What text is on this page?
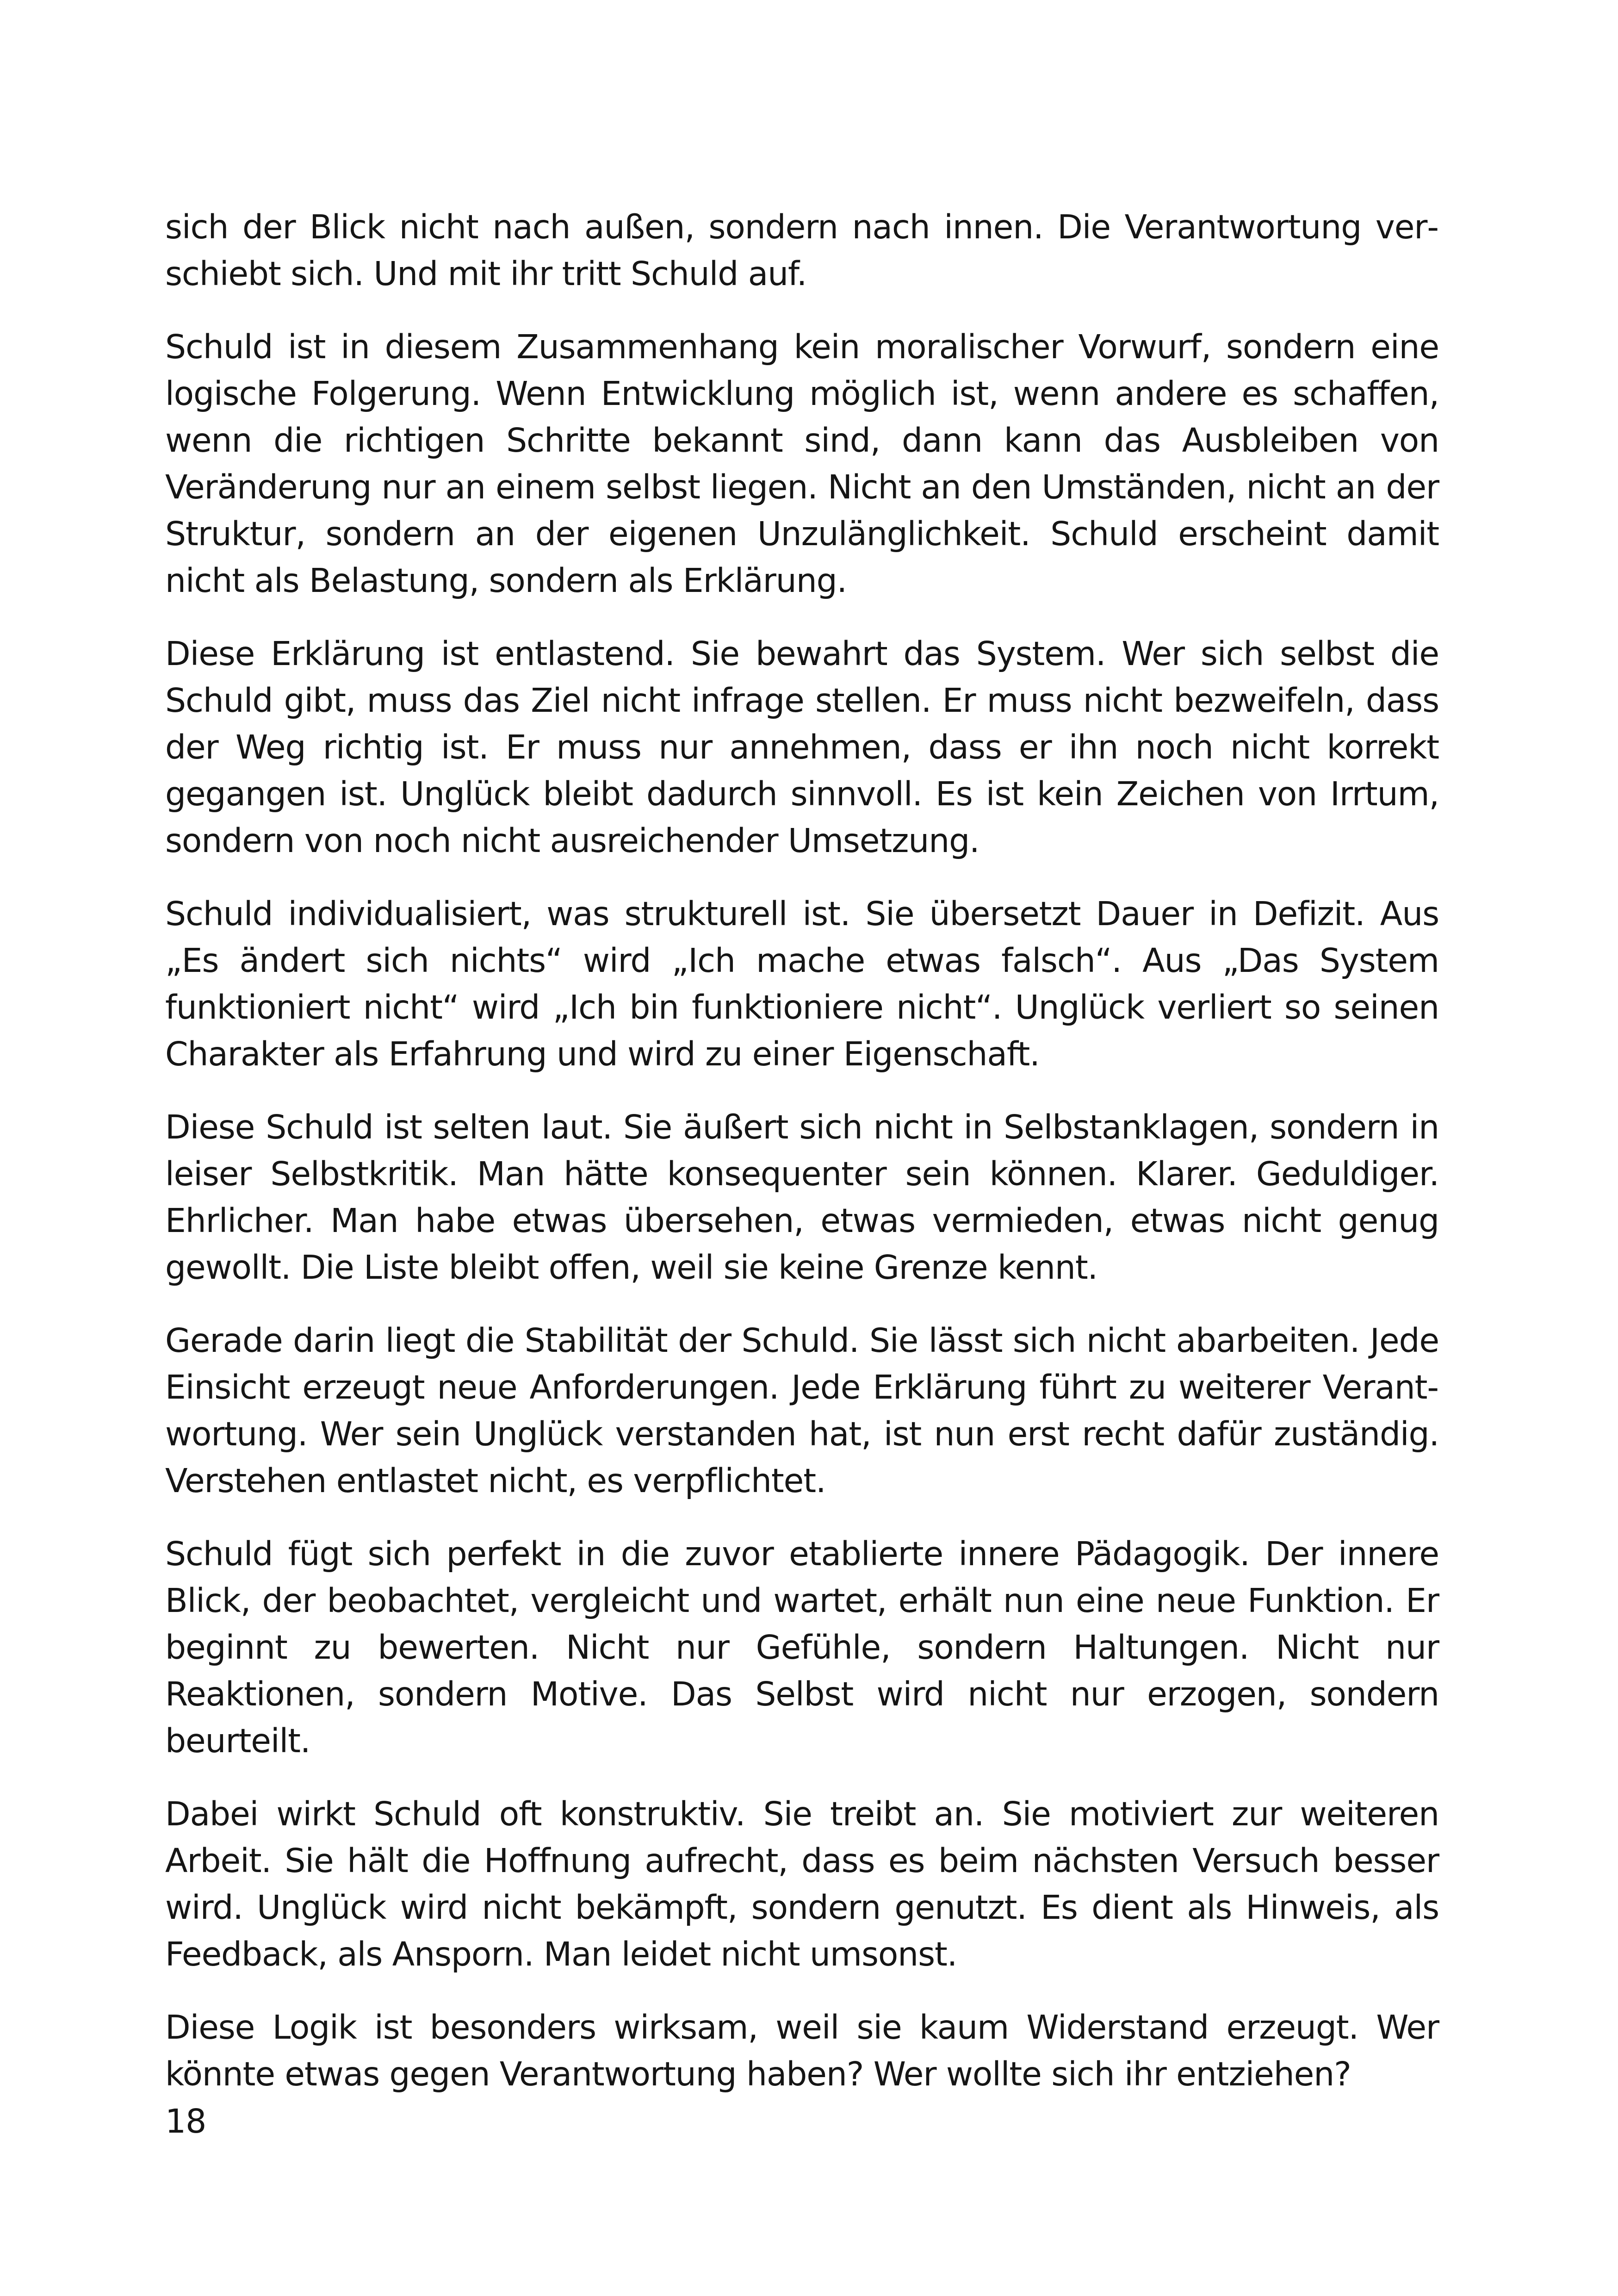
sich der Blick nicht nach außen, sondern nach innen. Die Verantwortung verschiebt sich. Und mit ihr tritt Schuld auf.

Schuld ist in diesem Zusammenhang kein moralischer Vorwurf, sondern eine logische Folgerung. Wenn Entwicklung möglich ist, wenn andere es schaffen, wenn die richtigen Schritte bekannt sind, dann kann das Ausbleiben von Veränderung nur an einem selbst liegen. Nicht an den Umständen, nicht an der Struktur, sondern an der eigenen Unzulänglichkeit. Schuld erscheint damit nicht als Belastung, sondern als Erklärung.

Diese Erklärung ist entlastend. Sie bewahrt das System. Wer sich selbst die Schuld gibt, muss das Ziel nicht infrage stellen. Er muss nicht bezweifeln, dass der Weg richtig ist. Er muss nur annehmen, dass er ihn noch nicht korrekt gegangen ist. Unglück bleibt dadurch sinnvoll. Es ist kein Zeichen von Irrtum, sondern von noch nicht ausreichender Umsetzung.

Schuld individualisiert, was strukturell ist. Sie übersetzt Dauer in Defizit. Aus „Es ändert sich nichts“ wird „Ich mache etwas falsch“. Aus „Das System funktioniert nicht“ wird „Ich bin funktioniere nicht“. Unglück verliert so seinen Charakter als Erfahrung und wird zu einer Eigenschaft.

Diese Schuld ist selten laut. Sie äußert sich nicht in Selbstanklagen, sondern in leiser Selbstkritik. Man hätte konsequenter sein können. Klarer. Geduldiger. Ehrlicher. Man habe etwas übersehen, etwas vermieden, etwas nicht genug gewollt. Die Liste bleibt offen, weil sie keine Grenze kennt.

Gerade darin liegt die Stabilität der Schuld. Sie lässt sich nicht abarbeiten. Jede Einsicht erzeugt neue Anforderungen. Jede Erklärung führt zu weiterer Verantwortung. Wer sein Unglück verstanden hat, ist nun erst recht dafür zuständig. Verstehen entlastet nicht, es verpflichtet.

Schuld fügt sich perfekt in die zuvor etablierte innere Pädagogik. Der innere Blick, der beobachtet, vergleicht und wartet, erhält nun eine neue Funktion. Er beginnt zu bewerten. Nicht nur Gefühle, sondern Haltungen. Nicht nur Reaktionen, sondern Motive. Das Selbst wird nicht nur erzogen, sondern beurteilt.

Dabei wirkt Schuld oft konstruktiv. Sie treibt an. Sie motiviert zur weiteren Arbeit. Sie hält die Hoffnung aufrecht, dass es beim nächsten Versuch besser wird. Unglück wird nicht bekämpft, sondern genutzt. Es dient als Hinweis, als Feedback, als Ansporn. Man leidet nicht umsonst.

Diese Logik ist besonders wirksam, weil sie kaum Widerstand erzeugt. Wer könnte etwas gegen Verantwortung haben? Wer wollte sich ihr entziehen?

18
